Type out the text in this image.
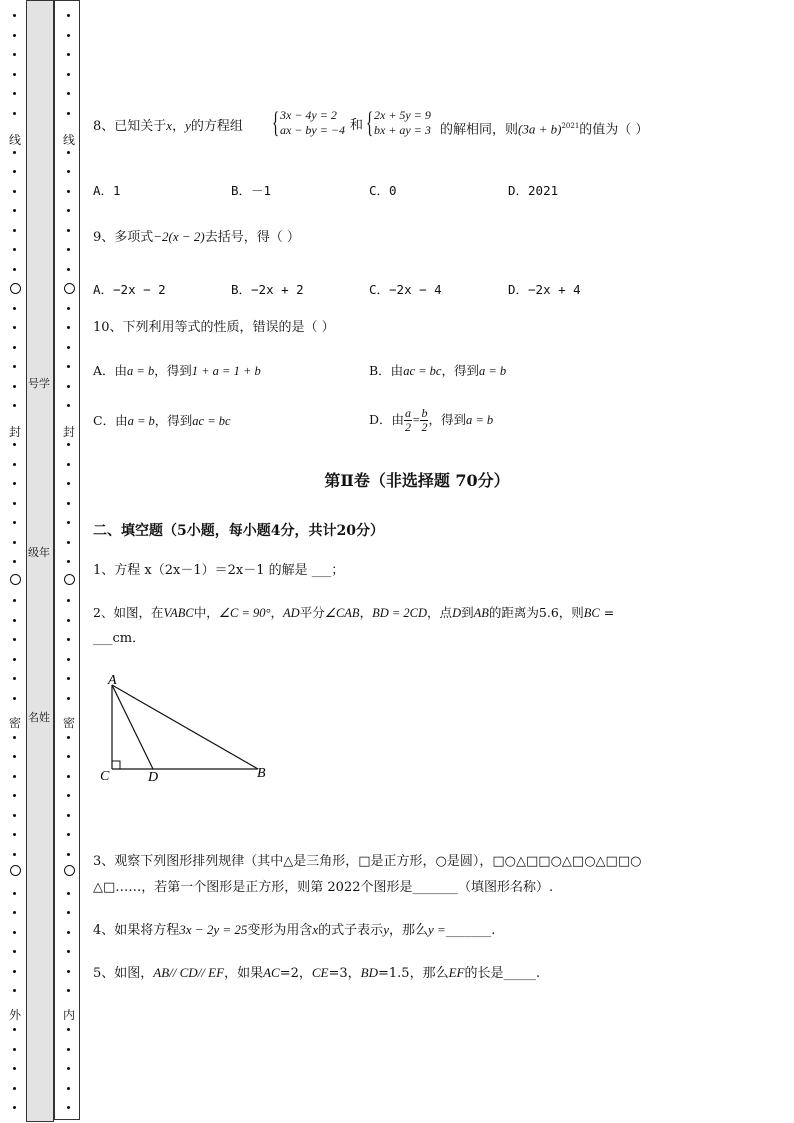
线
封
密
外
线
封
密
内
号学
级年
名姓
8、已知关于x，y的方程组 { 3x − 4y = 2
ax − by = −4 和 { 2x + 5y = 9
bx + ay = 3 的解相同，则$(3a + b)^{2021}$的值为（ ）
A．1	B．－1	C．0	D．2021
9、多项式−2(x − 2)去括号，得（ ）
A．−2x − 2	B．−2x + 2	C．−2x − 4	D．−2x + 4
10、下列利用等式的性质，错误的是（ ）
A．由a = b，得到1 + a = 1 + b	B．由ac = bc，得到a = b
C．由a = b，得到ac = bc	D．由 $\frac{a}{2} = \frac{b}{2}$ ，得到a = b
第Ⅱ卷（非选择题 70分）
二、填空题（5小题，每小题4分，共计20分）
1、方程 x（2x－1）＝2x－1 的解是 ___；
2、如图，在VABC中，∠C = 90°，AD平分∠CAB，BD = 2CD，点D到AB的距离为5.6，则BC =
___cm．
A
C	D	B
3、观察下列图形排列规律（其中△是三角形，□是正方形，○是圆），□○△□□○△□○△□□○
△□……，若第一个图形是正方形，则第 2022个图形是_______（填图形名称）.
4、如果将方程3x − 2y = 25变形为用含x的式子表示y，那么y =_______.
5、如图，AB// CD// EF，如果AC=2，CE=3，BD=1.5，那么EF的长是_____.
